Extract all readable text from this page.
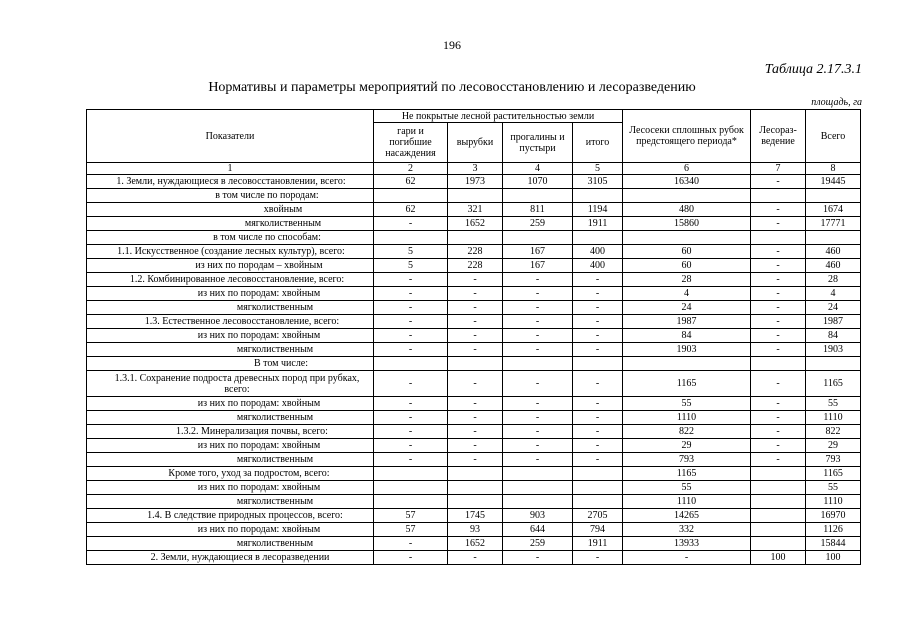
196
Таблица 2.17.3.1
Нормативы и параметры мероприятий по лесовосстановлению и лесоразведению
площадь, га
Показатели	Не покрытые лесной растительностью земли				Лесосеки сплошных рубок предстоящего периода*	Лесораз-ведение	Всего
	гари и погибшие насаждения	вырубки	прогалины и пустыри	итого			
1	2	3	4	5	6	7	8
1. Земли, нуждающиеся в лесовосстановлении, всего:	62	1973	1070	3105	16340	-	19445
в том числе по породам:							
хвойным	62	321	811	1194	480	-	1674
мягколиственным	-	1652	259	1911	15860	-	17771
в том числе по способам:							
1.1. Искусственное (создание лесных культур), всего:	5	228	167	400	60	-	460
из них по породам – хвойным	5	228	167	400	60	-	460
1.2. Комбинированное лесовосстановление, всего:	-	-	-	-	28	-	28
из них по породам: хвойным	-	-	-	-	4	-	4
мягколиственным	-	-	-	-	24	-	24
1.3. Естественное лесовосстановление, всего:	-	-	-	-	1987	-	1987
из них по породам: хвойным	-	-	-	-	84	-	84
мягколиственным	-	-	-	-	1903	-	1903
В том числе:							
1.3.1. Сохранение подроста древесных пород при рубках, всего:	-	-	-	-	1165	-	1165
из них по породам: хвойным	-	-	-	-	55	-	55
мягколиственным	-	-	-	-	1110	-	1110
1.3.2. Минерализация почвы, всего:	-	-	-	-	822	-	822
из них по породам: хвойным	-	-	-	-	29	-	29
мягколиственным	-	-	-	-	793	-	793
Кроме того, уход за подростом, всего:					1165		1165
из них по породам: хвойным					55		55
мягколиственным					1110		1110
1.4. В следствие природных процессов, всего:	57	1745	903	2705	14265		16970
из них по породам: хвойным	57	93	644	794	332		1126
мягколиственным	-	1652	259	1911	13933		15844
2. Земли, нуждающиеся в лесоразведении	-	-	-	-	-	100	100
